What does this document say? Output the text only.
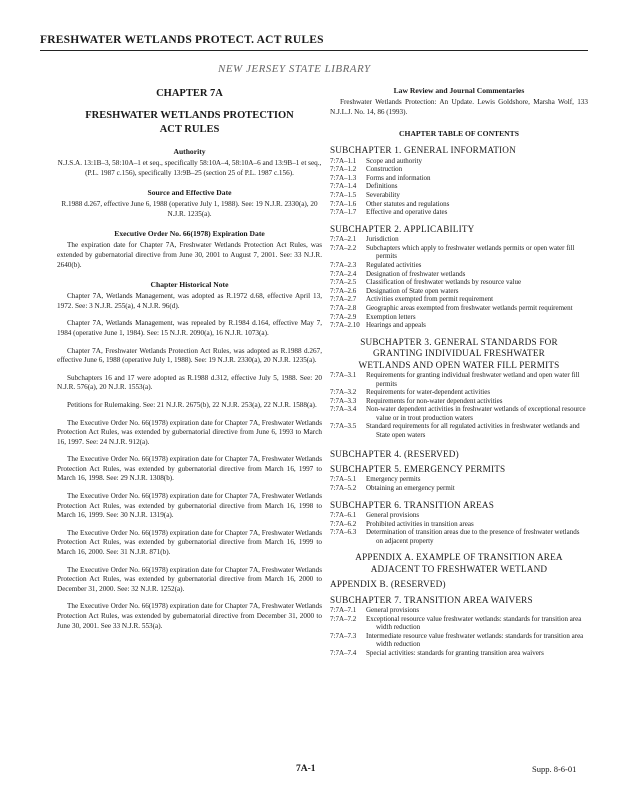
FRESHWATER WETLANDS PROTECT. ACT RULES
NEW JERSEY STATE LIBRARY
CHAPTER 7A
FRESHWATER WETLANDS PROTECTION
ACT RULES
Authority
N.J.S.A. 13:1B–3, 58:10A–1 et seq., specifically 58:10A–4, 58:10A–6 and 13:9B–1 et seq., (P.L. 1987 c.156), specifically 13:9B–25 (section 25 of P.L. 1987 c.156).
Source and Effective Date
R.1988 d.267, effective June 6, 1988 (operative July 1, 1988). See: 19 N.J.R. 2330(a), 20 N.J.R. 1235(a).
Executive Order No. 66(1978) Expiration Date
The expiration date for Chapter 7A, Freshwater Wetlands Protection Act Rules, was extended by gubernatorial directive from June 30, 2001 to August 7, 2001. See: 33 N.J.R. 2640(b).
Chapter Historical Note
Chapter 7A, Wetlands Management, was adopted as R.1972 d.68, effective April 13, 1972. See: 3 N.J.R. 255(a), 4 N.J.R. 96(d).
Chapter 7A, Wetlands Management, was repealed by R.1984 d.164, effective May 7, 1984 (operative June 1, 1984). See: 15 N.J.R. 2090(a), 16 N.J.R. 1073(a).
Chapter 7A, Freshwater Wetlands Protection Act Rules, was adopted as R.1988 d.267, effective June 6, 1988 (operative July 1, 1988). See: 19 N.J.R. 2330(a), 20 N.J.R. 1235(a).
Subchapters 16 and 17 were adopted as R.1988 d.312, effective July 5, 1988. See: 20 N.J.R. 576(a), 20 N.J.R. 1553(a).
Petitions for Rulemaking. See: 21 N.J.R. 2675(b), 22 N.J.R. 253(a), 22 N.J.R. 1588(a).
The Executive Order No. 66(1978) expiration date for Chapter 7A, Freshwater Wetlands Protection Act Rules, was extended by gubernatorial directive from June 6, 1993 to March 16, 1997. See: 24 N.J.R. 912(a).
The Executive Order No. 66(1978) expiration date for Chapter 7A, Freshwater Wetlands Protection Act Rules, was extended by gubernatorial directive from March 16, 1997 to March 16, 1998. See: 29 N.J.R. 1308(b).
The Executive Order No. 66(1978) expiration date for Chapter 7A, Freshwater Wetlands Protection Act Rules, was extended by gubernatorial directive from March 16, 1998 to March 16, 1999. See: 30 N.J.R. 1319(a).
The Executive Order No. 66(1978) expiration date for Chapter 7A, Freshwater Wetlands Protection Act Rules, was extended by gubernatorial directive from March 16, 1999 to March 16, 2000. See: 31 N.J.R. 871(b).
The Executive Order No. 66(1978) expiration date for Chapter 7A, Freshwater Wetlands Protection Act Rules, was extended by gubernatorial directive from March 16, 2000 to December 31, 2000. See: 32 N.J.R. 1252(a).
The Executive Order No. 66(1978) expiration date for Chapter 7A, Freshwater Wetlands Protection Act Rules, was extended by gubernatorial directive from December 31, 2000 to June 30, 2001. See 33 N.J.R. 553(a).
Law Review and Journal Commentaries
Freshwater Wetlands Protection: An Update. Lewis Goldshore, Marsha Wolf, 133 N.J.L.J. No. 14, 86 (1993).
CHAPTER TABLE OF CONTENTS
SUBCHAPTER 1. GENERAL INFORMATION
7:7A–1.1	Scope and authority
7:7A–1.2	Construction
7:7A–1.3	Forms and information
7:7A–1.4	Definitions
7:7A–1.5	Severability
7:7A–1.6	Other statutes and regulations
7:7A–1.7	Effective and operative dates
SUBCHAPTER 2. APPLICABILITY
7:7A–2.1	Jurisdiction
7:7A–2.2	Subchapters which apply to freshwater wetlands permits or open water fill permits
7:7A–2.3	Regulated activities
7:7A–2.4	Designation of freshwater wetlands
7:7A–2.5	Classification of freshwater wetlands by resource value
7:7A–2.6	Designation of State open waters
7:7A–2.7	Activities exempted from permit requirement
7:7A–2.8	Geographic areas exempted from freshwater wetlands permit requirement
7:7A–2.9	Exemption letters
7:7A–2.10 Hearings and appeals
SUBCHAPTER 3. GENERAL STANDARDS FOR
GRANTING INDIVIDUAL FRESHWATER
WETLANDS AND OPEN WATER FILL PERMITS
7:7A–3.1	Requirements for granting individual freshwater wetland and open water fill permits
7:7A–3.2	Requirements for water-dependent activities
7:7A–3.3	Requirements for non-water dependent activities
7:7A–3.4	Non-water dependent activities in freshwater wetlands of exceptional resource value or in trout production waters
7:7A–3.5	Standard requirements for all regulated activities in freshwater wetlands and State open waters
SUBCHAPTER 4. (RESERVED)
SUBCHAPTER 5. EMERGENCY PERMITS
7:7A–5.1	Emergency permits
7:7A–5.2	Obtaining an emergency permit
SUBCHAPTER 6. TRANSITION AREAS
7:7A–6.1	General provisions
7:7A–6.2	Prohibited activities in transition areas
7:7A–6.3	Determination of transition areas due to the presence of freshwater wetlands on adjacent property
APPENDIX A. EXAMPLE OF TRANSITION AREA
ADJACENT TO FRESHWATER WETLAND
APPENDIX B. (RESERVED)
SUBCHAPTER 7. TRANSITION AREA WAIVERS
7:7A–7.1	General provisions
7:7A–7.2	Exceptional resource value freshwater wetlands: standards for transition area width reduction
7:7A–7.3	Intermediate resource value freshwater wetlands: standards for transition area width reduction
7:7A–7.4	Special activities: standards for granting transition area waivers
7A-1	Supp. 8-6-01
